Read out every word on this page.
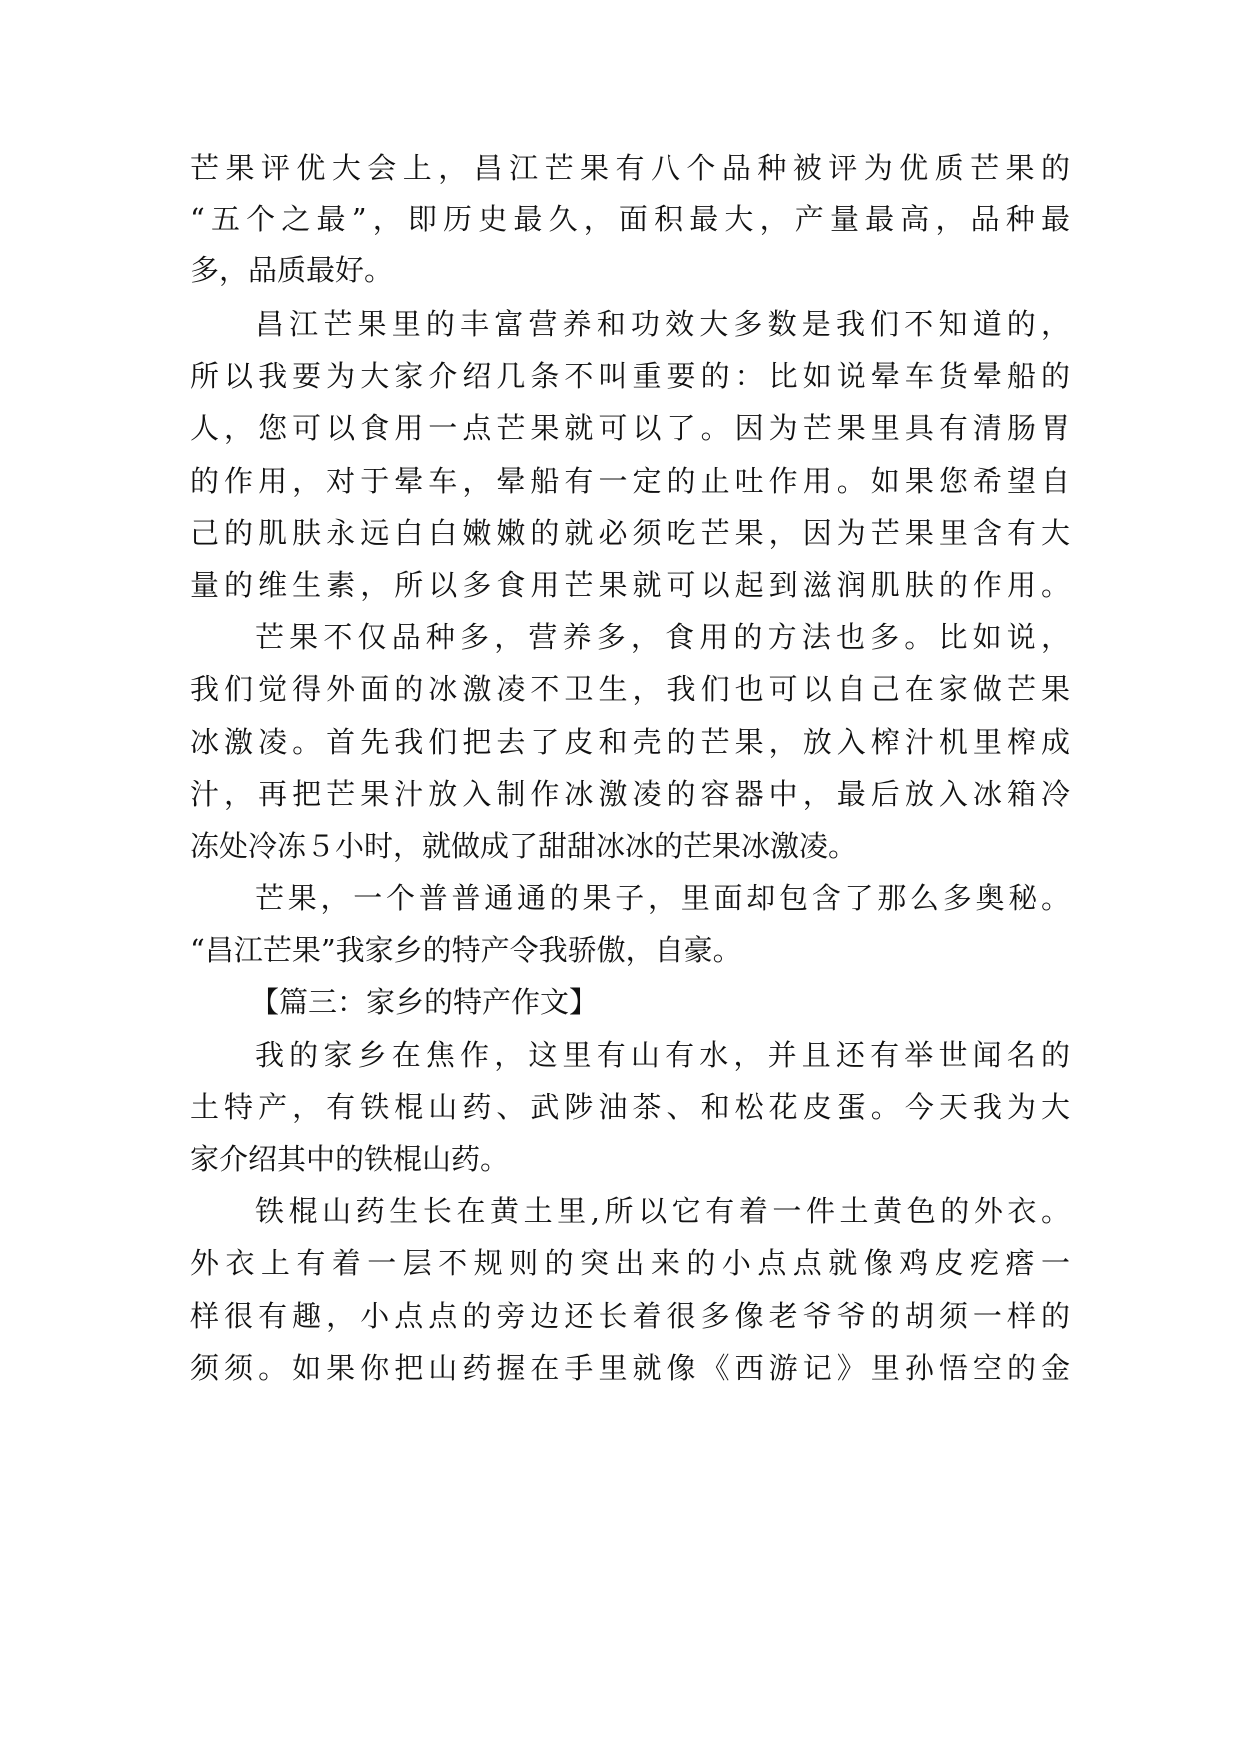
芒果评优大会上，昌江芒果有八个品种被评为优质芒果的
“五个之最”，即历史最久，面积最大，产量最高，品种最
多，品质最好。
昌江芒果里的丰富营养和功效大多数是我们不知道的，
所以我要为大家介绍几条不叫重要的：比如说晕车货晕船的
人，您可以食用一点芒果就可以了。因为芒果里具有清肠胃
的作用，对于晕车，晕船有一定的止吐作用。如果您希望自
己的肌肤永远白白嫩嫩的就必须吃芒果，因为芒果里含有大
量的维生素，所以多食用芒果就可以起到滋润肌肤的作用。
芒果不仅品种多，营养多，食用的方法也多。比如说，
我们觉得外面的冰激凌不卫生，我们也可以自己在家做芒果
冰激凌。首先我们把去了皮和壳的芒果，放入榨汁机里榨成
汁，再把芒果汁放入制作冰激凌的容器中，最后放入冰箱冷
冻处冷冻５小时，就做成了甜甜冰冰的芒果冰激凌。
芒果，一个普普通通的果子，里面却包含了那么多奥秘。
“昌江芒果”我家乡的特产令我骄傲，自豪。
【篇三：家乡的特产作文】
我的家乡在焦作，这里有山有水，并且还有举世闻名的
土特产，有铁棍山药、武陟油茶、和松花皮蛋。今天我为大
家介绍其中的铁棍山药。
铁棍山药生长在黄土里,所以它有着一件土黄色的外衣。
外衣上有着一层不规则的突出来的小点点就像鸡皮疙瘩一
样很有趣，小点点的旁边还长着很多像老爷爷的胡须一样的
须须。如果你把山药握在手里就像《西游记》里孙悟空的金
